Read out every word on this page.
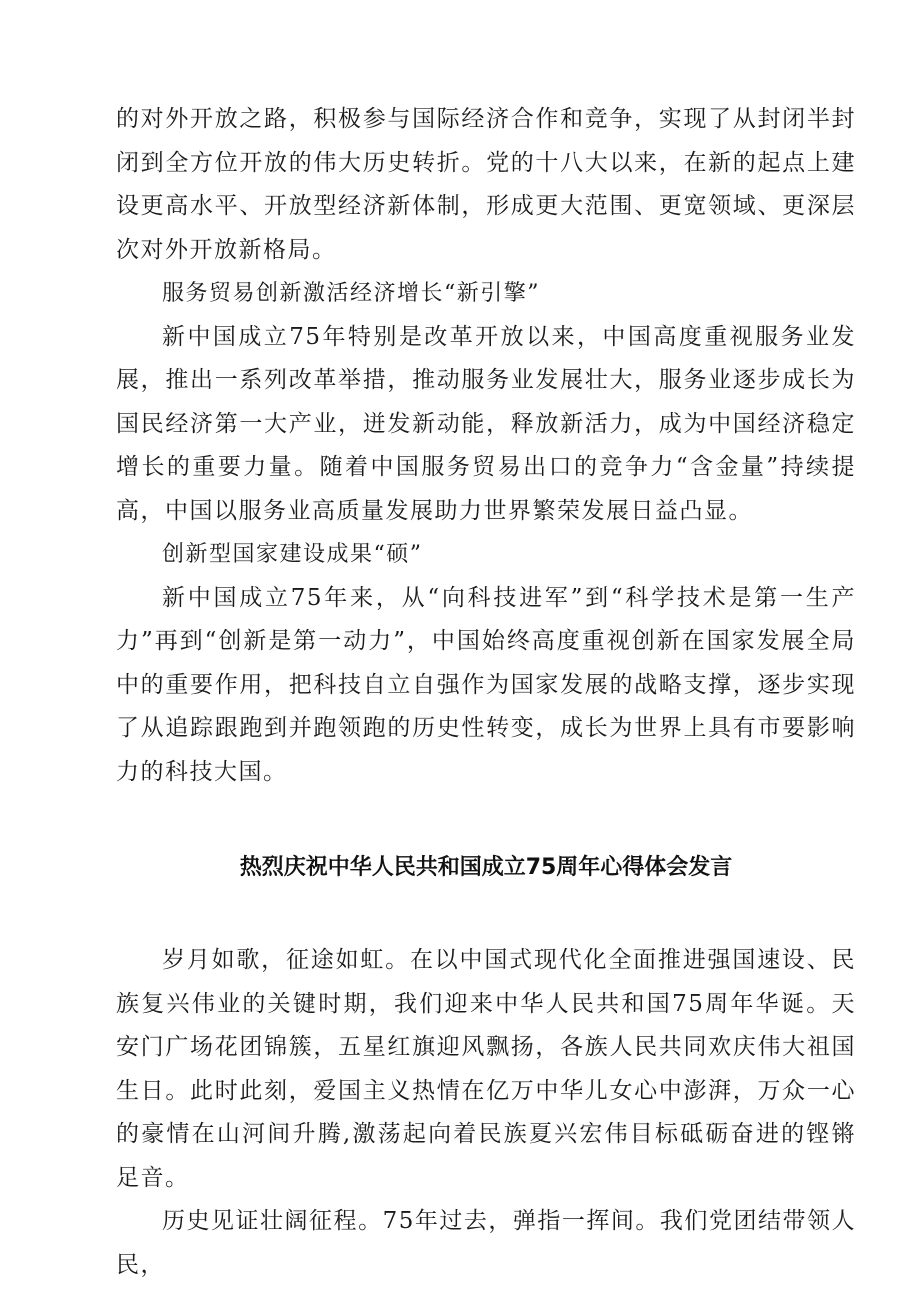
的对外开放之路，积极参与国际经济合作和竞争，实现了从封闭半封闭到全方位开放的伟大历史转折。党的十八大以来，在新的起点上建设更高水平、开放型经济新体制，形成更大范围、更宽领域、更深层次对外开放新格局。

服务贸易创新激活经济增长“新引擎”

新中国成立75年特别是改革开放以来，中国高度重视服务业发展，推出一系列改革举措，推动服务业发展壮大，服务业逐步成长为国民经济第一大产业，迸发新动能，释放新活力，成为中国经济稳定增长的重要力量。随着中国服务贸易出口的竞争力“含金量”持续提高，中国以服务业高质量发展助力世界繁荣发展日益凸显。

创新型国家建设成果“硕”

新中国成立75年来，从“向科技进军”到“科学技术是第一生产力”再到“创新是第一动力”，中国始终高度重视创新在国家发展全局中的重要作用，把科技自立自强作为国家发展的战略支撑，逐步实现了从追踪跟跑到并跑领跑的历史性转变，成长为世界上具有市要影响力的科技大国。

热烈庆祝中华人民共和国成立75周年心得体会发言

岁月如歌，征途如虹。在以中国式现代化全面推进强国速设、民族复兴伟业的关键时期，我们迎来中华人民共和国75周年华诞。天安门广场花团锦簇，五星红旗迎风飘扬，各族人民共同欢庆伟大祖国生日。此时此刻，爱国主义热情在亿万中华儿女心中澎湃，万众一心的豪情在山河间升腾,激荡起向着民族夏兴宏伟目标砥砺奋进的铿锵足音。

历史见证壮阔征程。75年过去，弹指一挥间。我们党团结带领人民，
